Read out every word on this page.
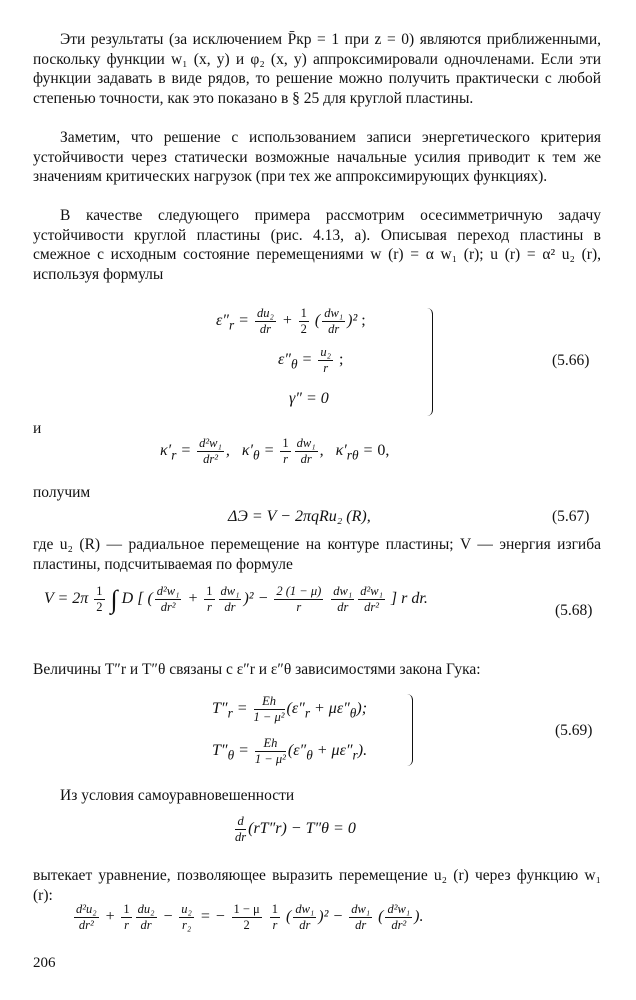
Эти результаты (за исключением P̄кр = 1 при z = 0) являются приближенными, поскольку функции w₁ (x, y) и φ₂ (x, y) аппроксимировали одночленами. Если эти функции задавать в виде рядов, то решение можно получить практически с любой степенью точности, как это показано в § 25 для круглой пластины.

Заметим, что решение с использованием записи энергетического критерия устойчивости через статически возможные начальные усилия приводит к тем же значениям критических нагрузок (при тех же аппроксимирующих функциях).

В качестве следующего примера рассмотрим осесимметричную задачу устойчивости круглой пластины (рис. 4.13, а). Описывая переход пластины в смежное с исходным состояние перемещениями w (r) = α w₁ (r); u (r) = α² u₂ (r), используя формулы

$\varepsilon''_r = \frac{\text{du₂}}{dr} + \frac{1}{2}$ ( $\frac{\text{dw₁}}{dr} )^2$ ;
$\varepsilon''_\theta = \frac{\text{u₂}}{r}$ ;
γ″ = 0
(5.66)
и
$\kappa'_r = \frac{\text{d²w₁}}{\text{dr²}}$ ,   $\kappa'_\theta = \frac{1}{r} \frac{\text{dw₁}}{dr}$ ,   $\kappa'_{r\theta} = 0$,
получим
ΔЭ = V − 2πqRu₂ (R),	(5.67)

где u₂ (R) — радиальное перемещение на контуре пластины; V — энергия изгиба пластины, подсчитываемая по формуле

$V = 2\pi \frac{1}{2}$ ∫ D [ ( $\frac{\text{d²w₁}}{\text{dr²}} + \frac{1}{r} \frac{\text{dw₁}}{dr} )^2 - \frac{2 (1 - \mu)}{r}$
$\frac{\text{dw₁}}{dr} \frac{\text{d²w₁}}{\text{dr²}}$ ] r dr.
(5.68)

Величины T″r и T″θ связаны с ε″r и ε″θ зависимостями закона Гука:

$T''_r = \frac{Eh}{\text{1 − μ²}} (\varepsilon''_r + \mu\varepsilon''_\theta)$;
$T''_\theta = \frac{Eh}{\text{1 − μ²}} (\varepsilon''_\theta + \mu\varepsilon''_r)$.
(5.69)

Из условия самоуравновешенности

$\frac{d}{dr} (rT''r) - T''\theta = 0$

вытекает уравнение, позволяющее выразить перемещение u₂ (r) через функцию w₁ (r):

$\frac{\text{d²u₂}}{\text{dr²}} + \frac{1}{r} \frac{\text{du₂}}{dr} - \frac{\text{u₂}}{\text{r₂}}$ = − $\frac{1 - \mu}{2}$
$\frac{1}{r}$ ( $\frac{\text{dw₁}}{dr} )^2 - \frac{\text{dw₁}}{dr}$ ( $\frac{\text{d²w₁}}{\text{dr²}}$ ).
206
